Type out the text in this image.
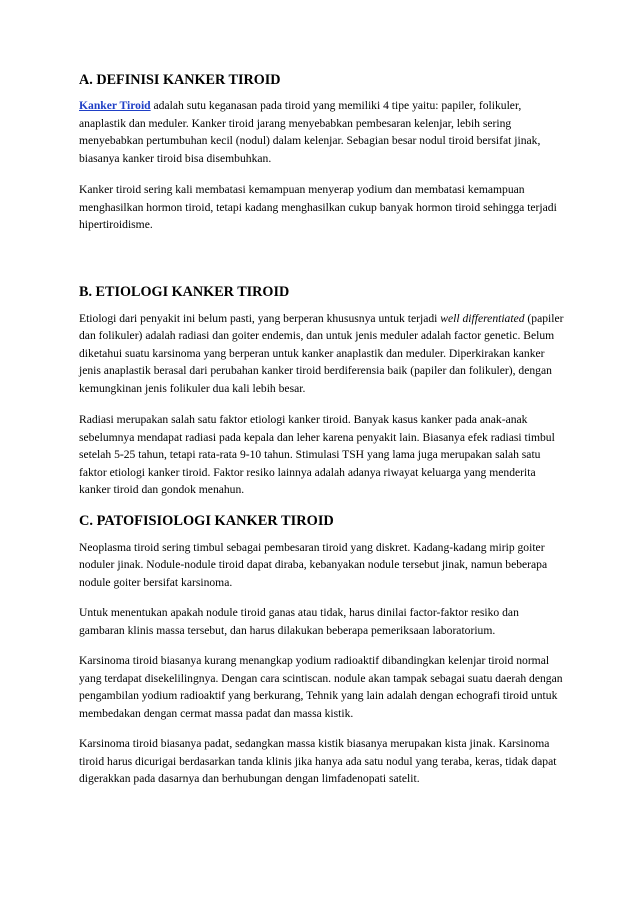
A. DEFINISI KANKER TIROID

Kanker Tiroid adalah sutu keganasan pada tiroid yang memiliki 4 tipe yaitu: papiler, folikuler, anaplastik dan meduler. Kanker tiroid jarang menyebabkan pembesaran kelenjar, lebih sering menyebabkan pertumbuhan kecil (nodul) dalam kelenjar. Sebagian besar nodul tiroid bersifat jinak, biasanya kanker tiroid bisa disembuhkan.

Kanker tiroid sering kali membatasi kemampuan menyerap yodium dan membatasi kemampuan menghasilkan hormon tiroid, tetapi kadang menghasilkan cukup banyak hormon tiroid sehingga terjadi hipertiroidisme.

B. ETIOLOGI KANKER TIROID

Etiologi dari penyakit ini belum pasti, yang berperan khususnya untuk terjadi well differentiated (papiler dan folikuler) adalah radiasi dan goiter endemis, dan untuk jenis meduler adalah factor genetic. Belum diketahui suatu karsinoma yang berperan untuk kanker anaplastik dan meduler. Diperkirakan kanker jenis anaplastik berasal dari perubahan kanker tiroid berdiferensia baik (papiler dan folikuler), dengan kemungkinan jenis folikuler dua kali lebih besar.

Radiasi merupakan salah satu faktor etiologi kanker tiroid. Banyak kasus kanker pada anak-anak sebelumnya mendapat radiasi pada kepala dan leher karena penyakit lain. Biasanya efek radiasi timbul setelah 5-25 tahun, tetapi rata-rata 9-10 tahun. Stimulasi TSH yang lama juga merupakan salah satu faktor etiologi kanker tiroid. Faktor resiko lainnya adalah adanya riwayat keluarga yang menderita kanker tiroid dan gondok menahun.

C. PATOFISIOLOGI KANKER TIROID

Neoplasma tiroid sering timbul sebagai pembesaran tiroid yang diskret. Kadang-kadang mirip goiter noduler jinak. Nodule-nodule tiroid dapat diraba, kebanyakan nodule tersebut jinak, namun beberapa nodule goiter bersifat karsinoma.

Untuk menentukan apakah nodule tiroid ganas atau tidak, harus dinilai factor-faktor resiko dan gambaran klinis massa tersebut, dan harus dilakukan beberapa pemeriksaan laboratorium.

Karsinoma tiroid biasanya kurang menangkap yodium radioaktif dibandingkan kelenjar tiroid normal yang terdapat disekelilingnya. Dengan cara scintiscan. nodule akan tampak sebagai suatu daerah dengan pengambilan yodium radioaktif yang berkurang, Tehnik yang lain adalah dengan echografi tiroid untuk membedakan dengan cermat massa padat dan massa kistik.

Karsinoma tiroid biasanya padat, sedangkan massa kistik biasanya merupakan kista jinak. Karsinoma tiroid harus dicurigai berdasarkan tanda klinis jika hanya ada satu nodul yang teraba, keras, tidak dapat digerakkan pada dasarnya dan berhubungan dengan limfadenopati satelit.
